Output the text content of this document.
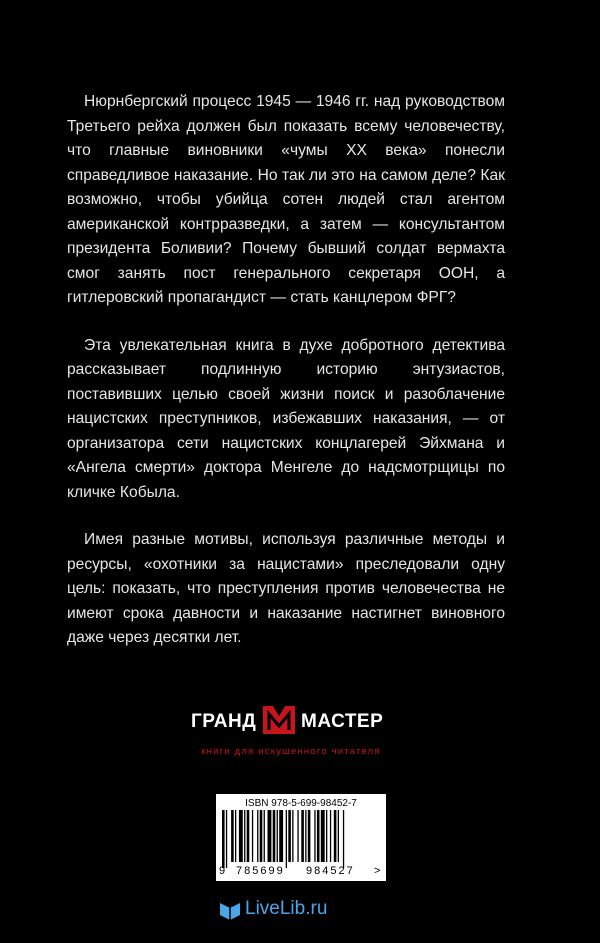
Нюрнбергский процесс 1945 — 1946 гг. над руководством Третьего рейха должен был показать всему человечеству, что главные виновники «чумы XX века» понесли справедливое наказание. Но так ли это на самом деле? Как возможно, чтобы убийца сотен людей стал агентом американской контрразведки, а затем — консультантом президента Боливии? Почему бывший солдат вермахта смог занять пост генерального секретаря ООН, а гитлеровский пропагандист — стать канцлером ФРГ?

Эта увлекательная книга в духе добротного детектива рассказывает подлинную историю энтузиастов, поставивших целью своей жизни поиск и разоблачение нацистских преступников, избежавших наказания, — от организатора сети нацистских концлагерей Эйхмана и «Ангела смерти» доктора Менгеле до надсмотрщицы по кличке Кобыла.

Имея разные мотивы, используя различные методы и ресурсы, «охотники за нацистами» преследовали одну цель: показать, что преступления против человечества не имеют срока давности и наказание настигнет виновного даже через десятки лет.

ГРАНД МАСТЕР
книги для искушенного читателя
ISBN 978-5-699-98452-7
9 785699 984527 >
LiveLib.ru
